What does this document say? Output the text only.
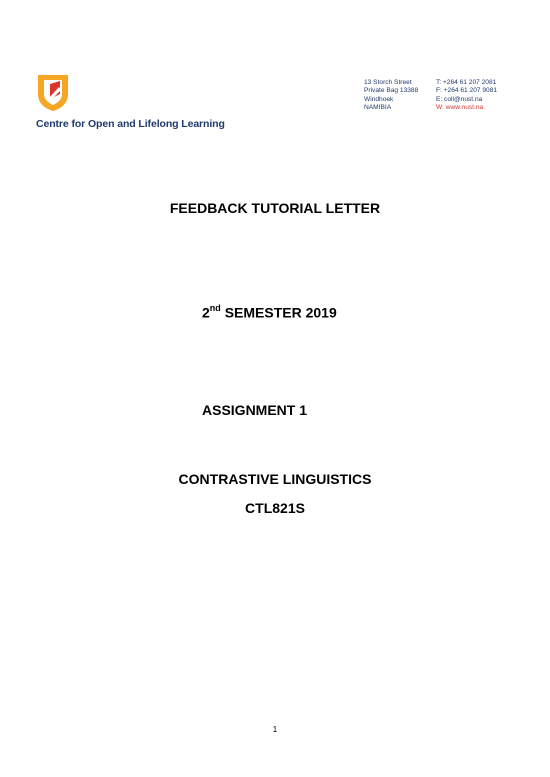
Centre for Open and Lifelong Learning
13 Storch Street
Private Bag 13388
Windhoek
NAMIBIA
T: +264 61 207 2081
F: +264 61 207 9081
E: coll@nust.na
W: www.nust.na
FEEDBACK TUTORIAL LETTER
2nd SEMESTER 2019
ASSIGNMENT 1
CONTRASTIVE LINGUISTICS
CTL821S
1
